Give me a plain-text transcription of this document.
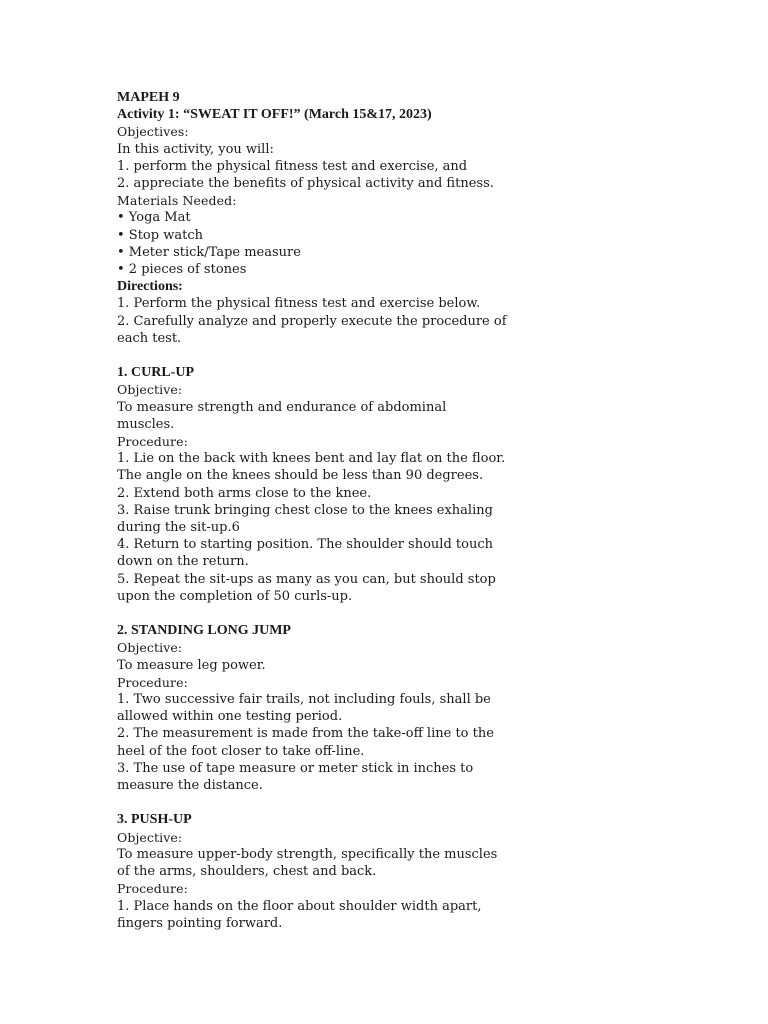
MAPEH 9
Activity 1: “SWEAT IT OFF!” (March 15&17, 2023)
Objectives:
In this activity, you will:
1. perform the physical fitness test and exercise, and
2. appreciate the benefits of physical activity and fitness.
Materials Needed:
• Yoga Mat
• Stop watch
• Meter stick/Tape measure
• 2 pieces of stones
Directions:
1. Perform the physical fitness test and exercise below.
2. Carefully analyze and properly execute the procedure of
each test.
1. CURL-UP
Objective:
To measure strength and endurance of abdominal
muscles.
Procedure:
1. Lie on the back with knees bent and lay flat on the floor.
The angle on the knees should be less than 90 degrees.
2. Extend both arms close to the knee.
3. Raise trunk bringing chest close to the knees exhaling
during the sit-up.6
4. Return to starting position. The shoulder should touch
down on the return.
5. Repeat the sit-ups as many as you can, but should stop
upon the completion of 50 curls-up.
2. STANDING LONG JUMP
Objective:
To measure leg power.
Procedure:
1. Two successive fair trails, not including fouls, shall be
allowed within one testing period.
2. The measurement is made from the take-off line to the
heel of the foot closer to take off-line.
3. The use of tape measure or meter stick in inches to
measure the distance.
3. PUSH-UP
Objective:
To measure upper-body strength, specifically the muscles
of the arms, shoulders, chest and back.
Procedure:
1. Place hands on the floor about shoulder width apart,
fingers pointing forward.
